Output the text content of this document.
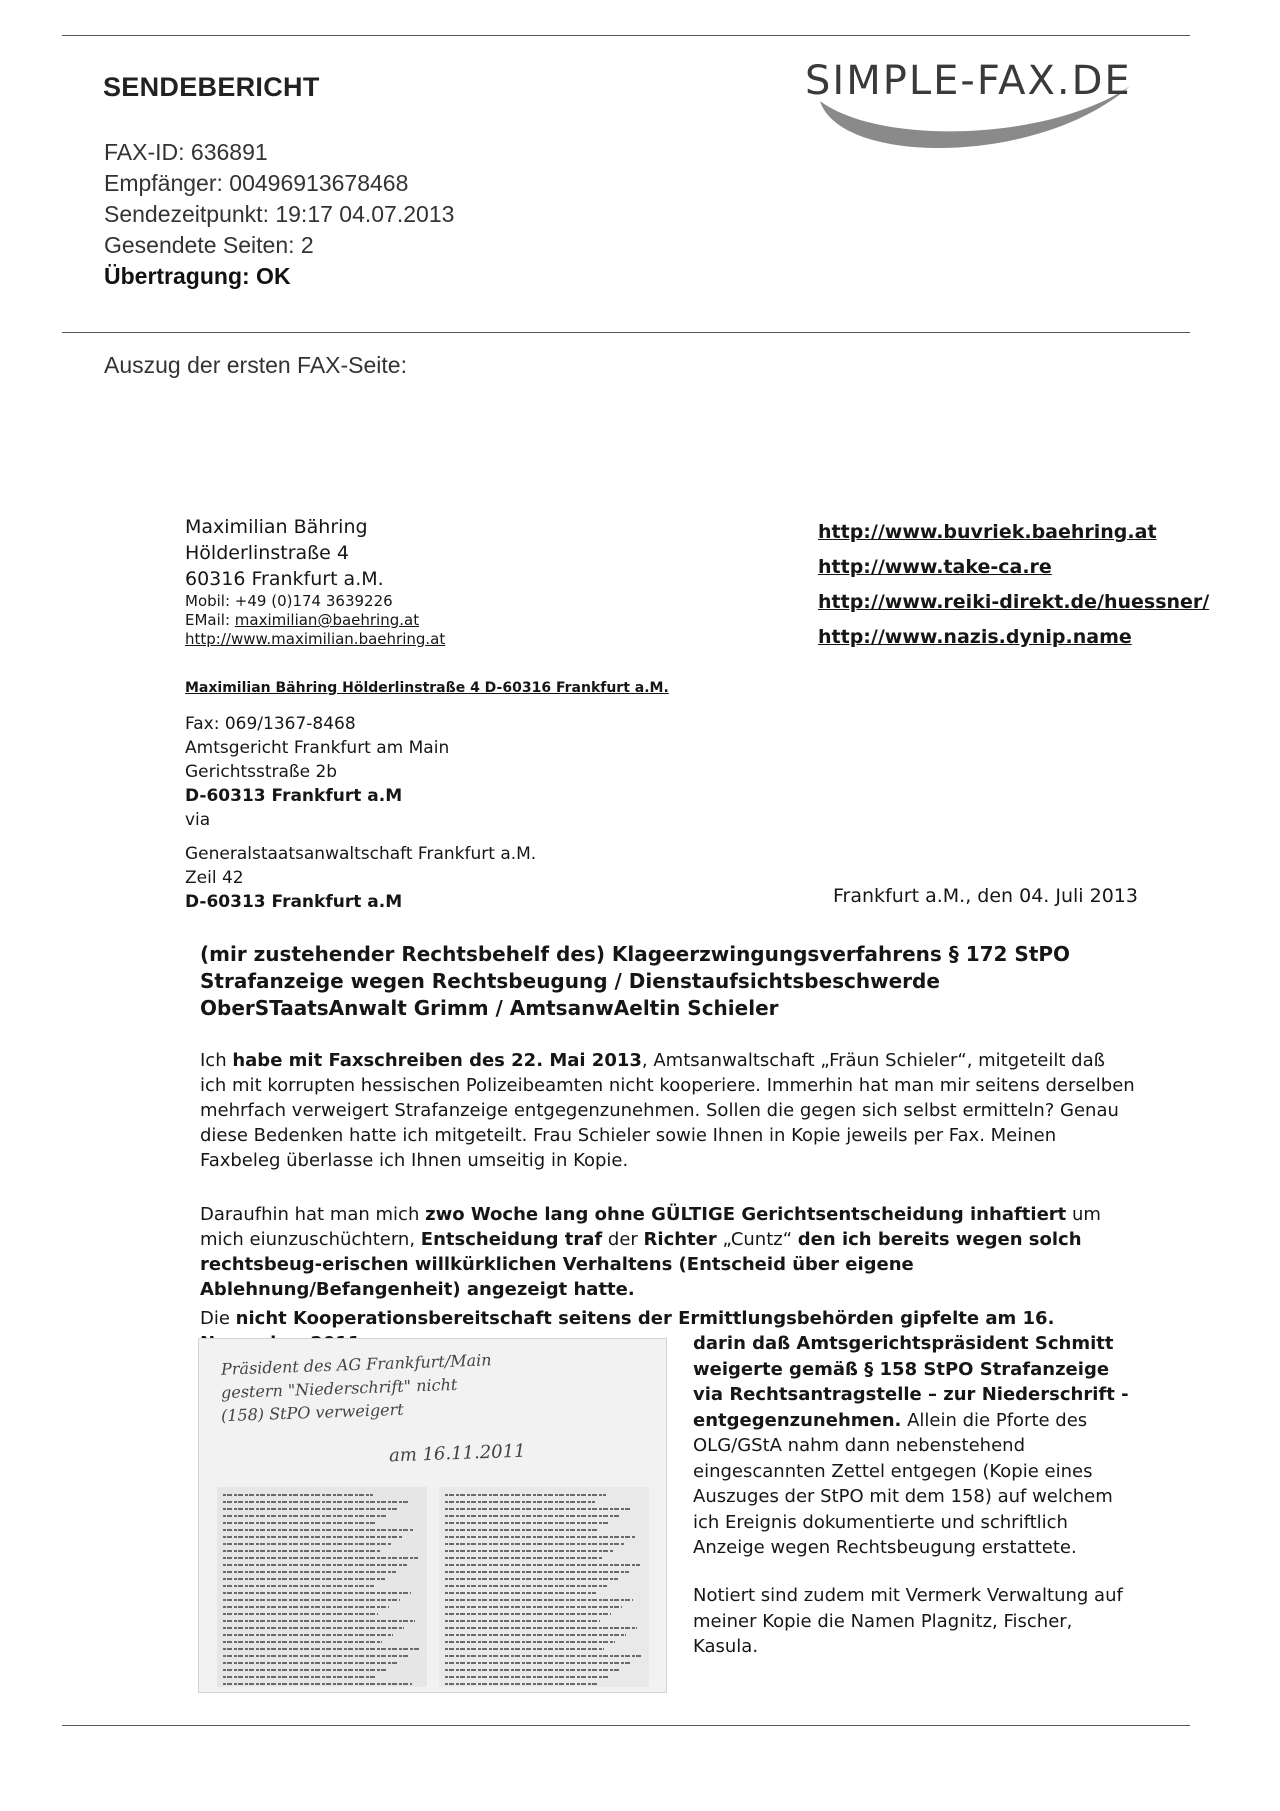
SENDEBERICHT
FAX-ID: 636891
Empfänger: 00496913678468
Sendezeitpunkt: 19:17 04.07.2013
Gesendete Seiten: 2
Übertragung: OK
SIMPLE-FAX.DE
Auszug der ersten FAX-Seite:
Maximilian Bähring
Hölderlinstraße 4
60316 Frankfurt a.M.
Mobil: +49 (0)174 3639226
EMail: maximilian@baehring.at
http://www.maximilian.baehring.at
http://www.buvriek.baehring.at
http://www.take-ca.re
http://www.reiki-direkt.de/huessner/
http://www.nazis.dynip.name
Maximilian Bähring Hölderlinstraße 4 D-60316 Frankfurt a.M.
Fax: 069/1367-8468
Amtsgericht Frankfurt am Main
Gerichtsstraße 2b
D-60313 Frankfurt a.M
via
Generalstaatsanwaltschaft Frankfurt a.M.
Zeil 42
D-60313 Frankfurt a.M	Frankfurt a.M., den 04. Juli 2013
(mir zustehender Rechtsbehelf des) Klageerzwingungsverfahrens § 172 StPO
Strafanzeige wegen Rechtsbeugung / Dienstaufsichtsbeschwerde
OberSTaatsAnwalt Grimm / AmtsanwAeltin Schieler
Ich habe mit Faxschreiben des 22. Mai 2013, Amtsanwaltschaft „Fräun Schieler“, mitgeteilt daß ich mit korrupten hessischen Polizeibeamten nicht kooperiere. Immerhin hat man mir seitens derselben mehrfach verweigert Strafanzeige entgegenzunehmen. Sollen die gegen sich selbst ermitteln? Genau diese Bedenken hatte ich mitgeteilt. Frau Schieler sowie Ihnen in Kopie jeweils per Fax. Meinen Faxbeleg überlasse ich Ihnen umseitig in Kopie.
Daraufhin hat man mich zwo Woche lang ohne GÜLTIGE Gerichtsentscheidung inhaftiert um mich eiunzuschüchtern, Entscheidung traf der Richter „Cuntz“ den ich bereits wegen solch rechtsbeug-erischen willkürklichen Verhaltens (Entscheid über eigene Ablehnung/Befangenheit) angezeigt hatte.
Die nicht Kooperationsbereitschaft seitens der Ermittlungsbehörden gipfelte am 16.
darin daß Amtsgerichtspräsident Schmitt weigerte gemäß § 158 StPO Strafanzeige via Rechtsantragstelle – zur Niederschrift - entgegenzunehmen. Allein die Pforte des OLG/GStA nahm dann nebenstehend eingescannten Zettel entgegen (Kopie eines Auszuges der StPO mit dem 158) auf welchem ich Ereignis dokumentierte und schriftlich Anzeige wegen Rechtsbeugung erstattete.
Notiert sind zudem mit Vermerk Verwaltung auf meiner Kopie die Namen Plagnitz, Fischer, Kasula.
Präsident des AG Frankfurt/Main
gestern "Niederschrift" nicht
(158) StPO verweigert
am 16.11.2011
